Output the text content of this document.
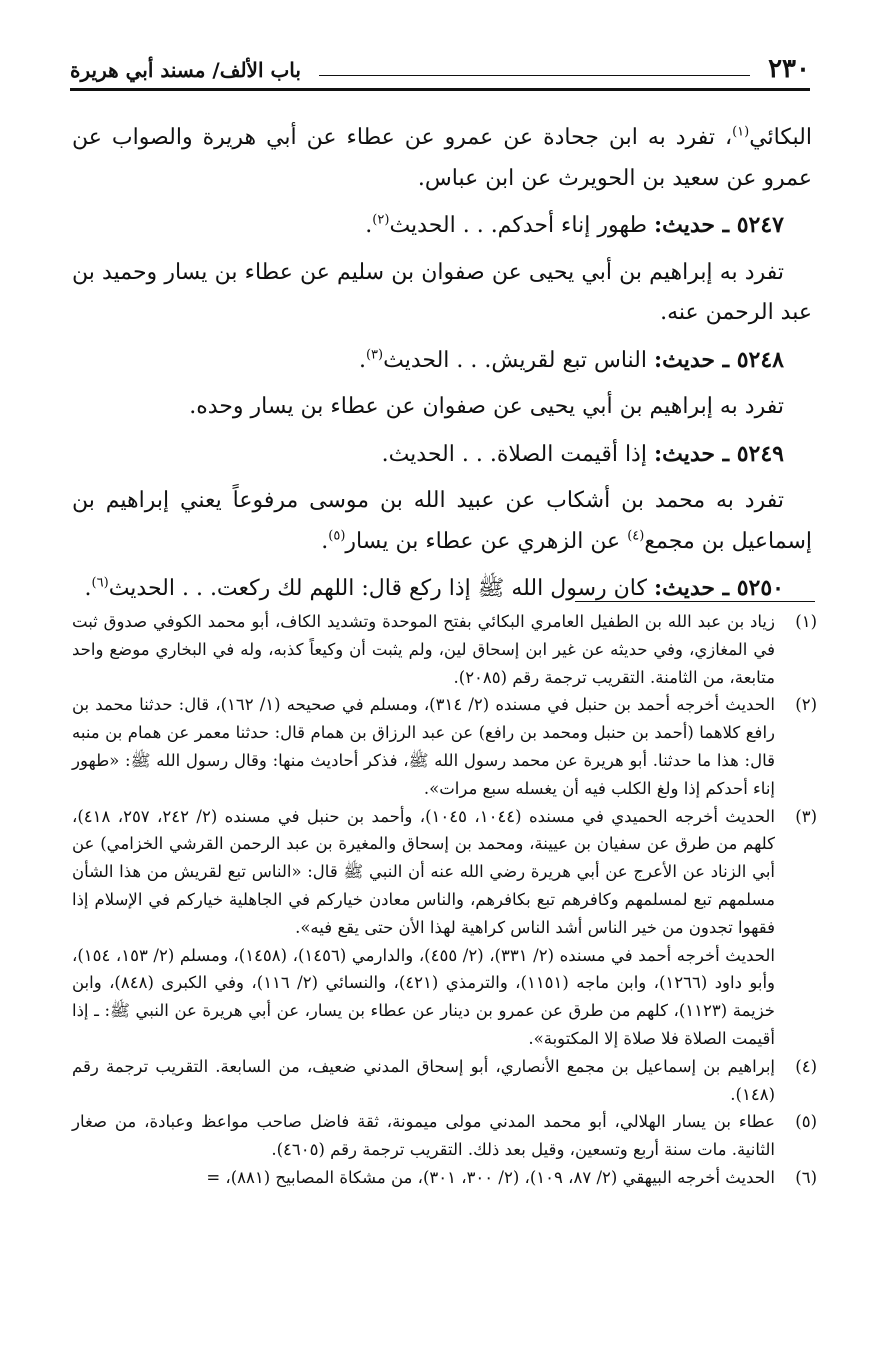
٢٣٠
باب الألف/ مسند أبي هريرة

البكائي$^{(١)}$، تفرد به ابن جحادة عن عمرو عن عطاء عن أبي هريرة والصواب عن عمرو عن سعيد بن الحويرث عن ابن عباس.

٥٢٤٧ ـ حديث: طهور إناء أحدكم. . . الحديث$^{(٢)}$.

تفرد به إبراهيم بن أبي يحيى عن صفوان بن سليم عن عطاء بن يسار وحميد بن عبد الرحمن عنه.

٥٢٤٨ ـ حديث: الناس تبع لقريش. . . الحديث$^{(٣)}$.

تفرد به إبراهيم بن أبي يحيى عن صفوان عن عطاء بن يسار وحده.

٥٢٤٩ ـ حديث: إذا أقيمت الصلاة. . . الحديث.

تفرد به محمد بن أشكاب عن عبيد الله بن موسى مرفوعاً يعني إبراهيم بن إسماعيل بن مجمع$^{(٤)}$ عن الزهري عن عطاء بن يسار$^{(٥)}$.

٥٢٥٠ ـ حديث: كان رسول الله ﷺ إذا ركع قال: اللهم لك ركعت. . . الحديث$^{(٦)}$.

(١)

زياد بن عبد الله بن الطفيل العامري البكائي بفتح الموحدة وتشديد الكاف، أبو محمد الكوفي صدوق ثبت في المغازي، وفي حديثه عن غير ابن إسحاق لين، ولم يثبت أن وكيعاً كذبه، وله في البخاري موضع واحد متابعة، من الثامنة. التقريب ترجمة رقم (٢٠٨٥).

(٢)

الحديث أخرجه أحمد بن حنبل في مسنده (٢/ ٣١٤)، ومسلم في صحيحه (١/ ١٦٢)، قال: حدثنا محمد بن رافع كلاهما (أحمد بن حنبل ومحمد بن رافع) عن عبد الرزاق بن همام قال: حدثنا معمر عن همام بن منبه قال: هذا ما حدثنا. أبو هريرة عن محمد رسول الله ﷺ، فذكر أحاديث منها: وقال رسول الله ﷺ: «طهور إناء أحدكم إذا ولغ الكلب فيه أن يغسله سبع مرات».

(٣)

الحديث أخرجه الحميدي في مسنده (١٠٤٤، ١٠٤٥)، وأحمد بن حنبل في مسنده (٢/ ٢٤٢، ٢٥٧، ٤١٨)، كلهم من طرق عن سفيان بن عيينة، ومحمد بن إسحاق والمغيرة بن عبد الرحمن القرشي الخزامي) عن أبي الزناد عن الأعرج عن أبي هريرة رضي الله عنه أن النبي ﷺ قال: «الناس تبع لقريش من هذا الشأن مسلمهم تبع لمسلمهم وكافرهم تبع بكافرهم، والناس معادن خياركم في الجاهلية خياركم في الإسلام إذا فقهوا تجدون من خير الناس أشد الناس كراهية لهذا الأن حتى يقع فيه».

الحديث أخرجه أحمد في مسنده (٢/ ٣٣١)، (٢/ ٤٥٥)، والدارمي (١٤٥٦)، (١٤٥٨)، ومسلم (٢/ ١٥٣، ١٥٤)، وأبو داود (١٢٦٦)، وابن ماجه (١١٥١)، والترمذي (٤٢١)، والنسائي (٢/ ١١٦)، وفي الكبرى (٨٤٨)، وابن خزيمة (١١٢٣)، كلهم من طرق عن عمرو بن دينار عن عطاء بن يسار، عن أبي هريرة عن النبي ﷺ: ـ إذا أقيمت الصلاة فلا صلاة إلا المكتوبة».

(٤)

إبراهيم بن إسماعيل بن مجمع الأنصاري، أبو إسحاق المدني ضعيف، من السابعة. التقريب ترجمة رقم (١٤٨).

(٥)

عطاء بن يسار الهلالي، أبو محمد المدني مولى ميمونة، ثقة فاضل صاحب مواعظ وعبادة، من صغار الثانية. مات سنة أربع وتسعين، وقيل بعد ذلك. التقريب ترجمة رقم (٤٦٠٥).

(٦)

الحديث أخرجه البيهقي (٢/ ٨٧، ١٠٩)، (٢/ ٣٠٠، ٣٠١)، من مشكاة المصابيح (٨٨١)، =
